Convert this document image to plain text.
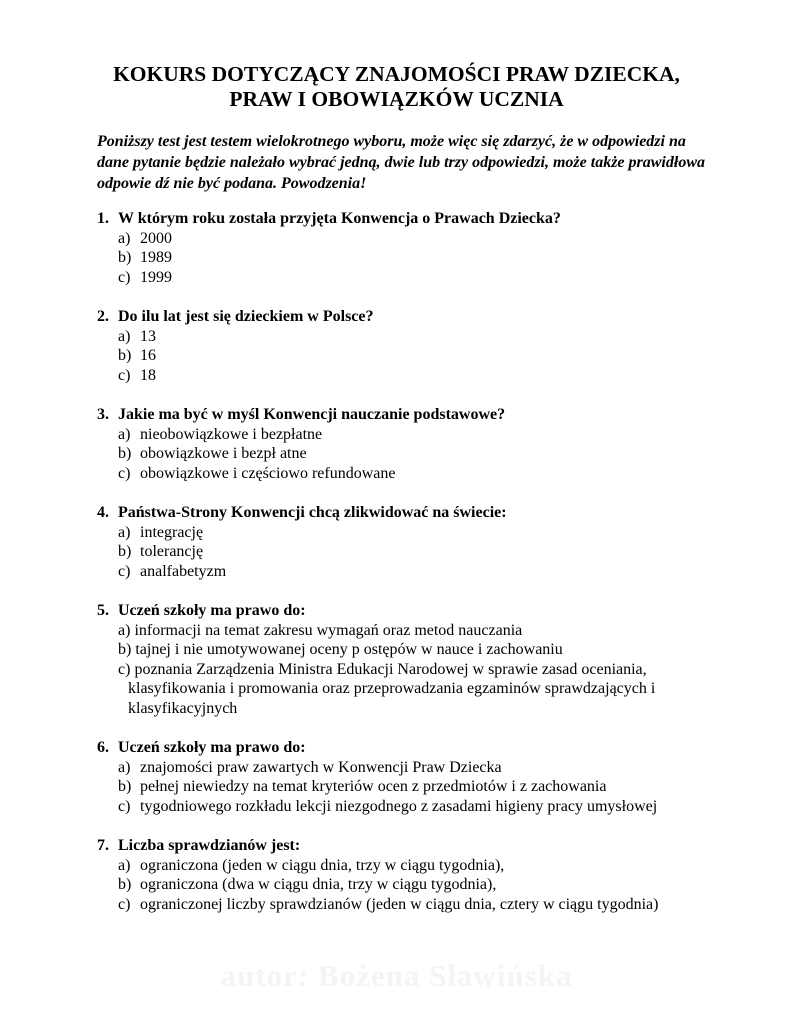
KOKURS DOTYCZĄCY ZNAJOMOŚCI PRAW DZIECKA,
PRAW I OBOWIĄZKÓW UCZNIA

Poniższy test jest testem wielokrotnego wyboru, może więc się zdarzyć, że w odpowiedzi na dane pytanie będzie należało wybrać jedną, dwie lub trzy odpowiedzi, może także prawidłowa odpowie dź nie być podana. Powodzenia!

1. W którym roku została przyjęta Konwencja o Prawach Dziecka?
a) 2000
b) 1989
c) 1999
2. Do ilu lat jest się dzieckiem w Polsce?
a) 13
b) 16
c) 18
3. Jakie ma być w myśl Konwencji nauczanie podstawowe?
a) nieobowiązkowe i bezpłatne
b) obowiązkowe i bezpł atne
c) obowiązkowe i częściowo refundowane
4. Państwa-Strony Konwencji chcą zlikwidować na świecie:
a) integrację
b) tolerancję
c) analfabetyzm
5. Uczeń szkoły ma prawo do:
a) informacji na temat zakresu wymagań oraz metod nauczania
b) tajnej i nie umotywowanej oceny p ostępów w nauce i zachowaniu
c) poznania Zarządzenia Ministra Edukacji Narodowej w sprawie zasad oceniania,
klasyfikowania i promowania oraz przeprowadzania egzaminów sprawdzających i
klasyfikacyjnych
6. Uczeń szkoły ma prawo do:
a) znajomości praw zawartych w Konwencji Praw Dziecka
b) pełnej niewiedzy na temat kryteriów ocen z przedmiotów i z zachowania
c) tygodniowego rozkładu lekcji niezgodnego z zasadami higieny pracy umysłowej
7. Liczba sprawdzianów jest:
a) ograniczona (jeden w ciągu dnia, trzy w ciągu tygodnia),
b) ograniczona (dwa w ciągu dnia, trzy w ciągu tygodnia),
c) ograniczonej liczby sprawdzianów (jeden w ciągu dnia, cztery w ciągu tygodnia)
autor: Bożena Sławińska
